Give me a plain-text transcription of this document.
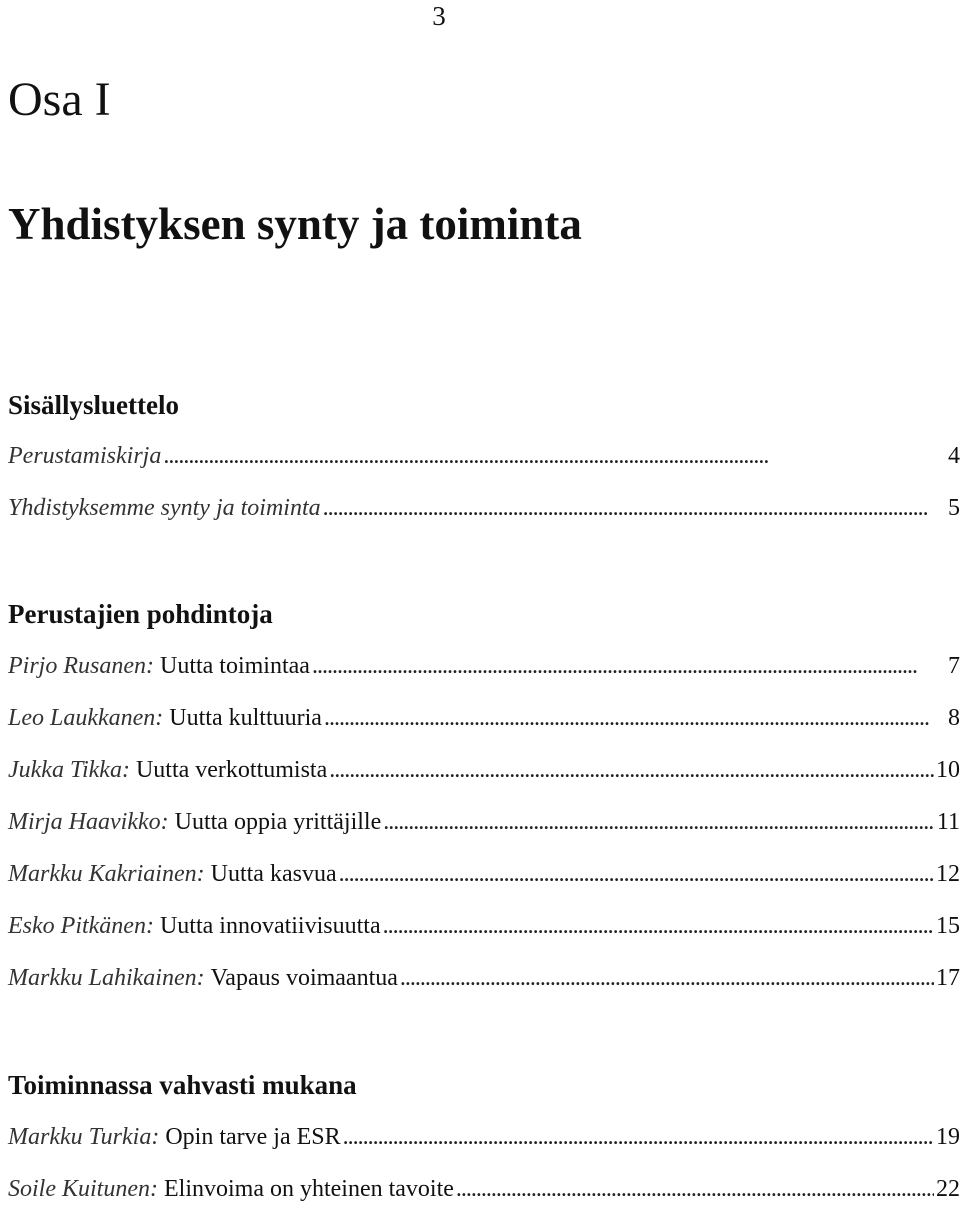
3
Osa I
Yhdistyksen synty ja toiminta
Sisällysluettelo
Perustamiskirja . . .	4
Yhdistyksemme synty ja toiminta . . .	5
Perustajien pohdintoja
Pirjo Rusanen:
Uutta toimintaa . . .	7
Leo Laukkanen:
Uutta kulttuuria . . .	8
Jukka Tikka:
Uutta verkottumista . . .	10
Mirja Haavikko:
Uutta oppia yrittäjille . . .	11
Markku Kakriainen:
Uutta kasvua . . .	12
Esko Pitkänen:
Uutta innovatiivisuutta . . .	15
Markku Lahikainen:
Vapaus voimaantua . . .	17
Toiminnassa vahvasti mukana
Markku Turkia:
Opin tarve ja ESR . . .	19
Soile Kuitunen:
Elinvoima on yhteinen tavoite . . .	22
